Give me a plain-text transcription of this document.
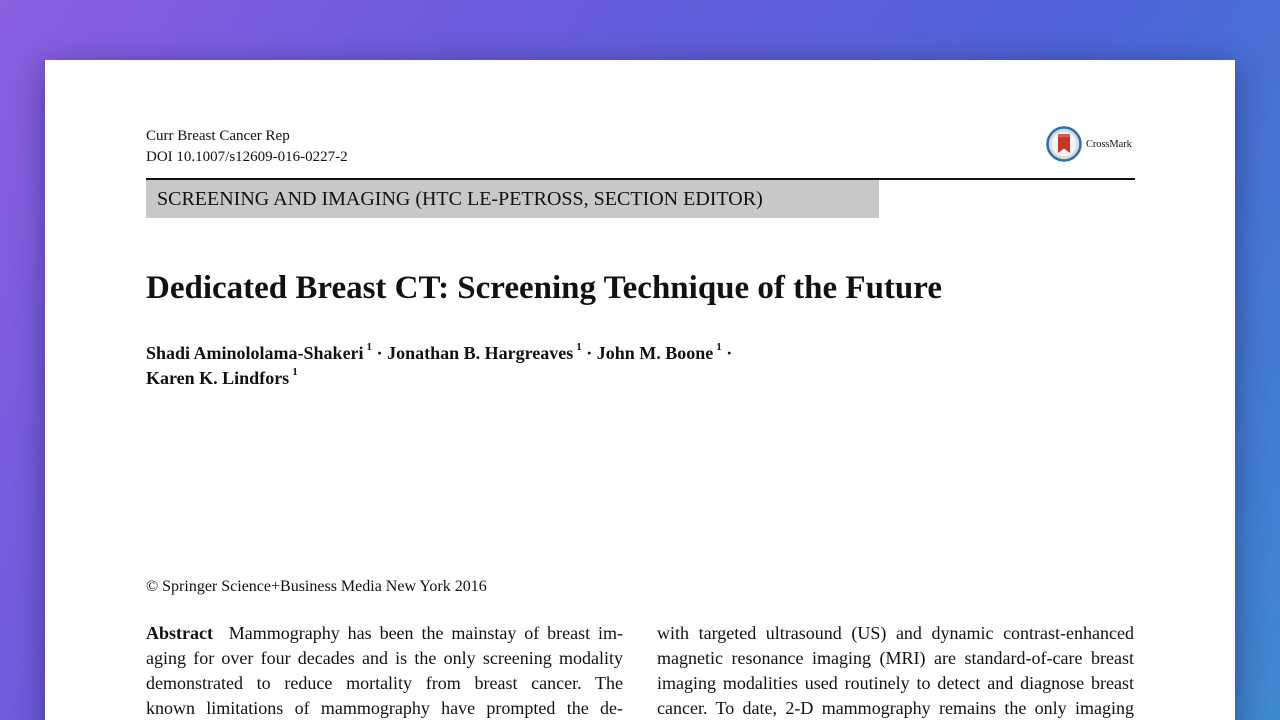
Curr Breast Cancer Rep
DOI 10.1007/s12609-016-0227-2
CrossMark
SCREENING AND IMAGING (HTC LE-PETROSS, SECTION EDITOR)
Dedicated Breast CT: Screening Technique of the Future
Shadi Aminololama-Shakeri $^1$ · Jonathan B. Hargreaves $^1$ · John M. Boone $^1$ ·
Karen K. Lindfors $^1$
© Springer Science+Business Media New York 2016
Abstract Mammography has been the mainstay of breast im-
aging for over four decades and is the only screening modality
demonstrated to reduce mortality from breast cancer. The
known limitations of mammography have prompted the de-
with targeted ultrasound (US) and dynamic contrast-enhanced
magnetic resonance imaging (MRI) are standard-of-care breast
imaging modalities used routinely to detect and diagnose breast
cancer. To date, 2-D mammography remains the only imaging
